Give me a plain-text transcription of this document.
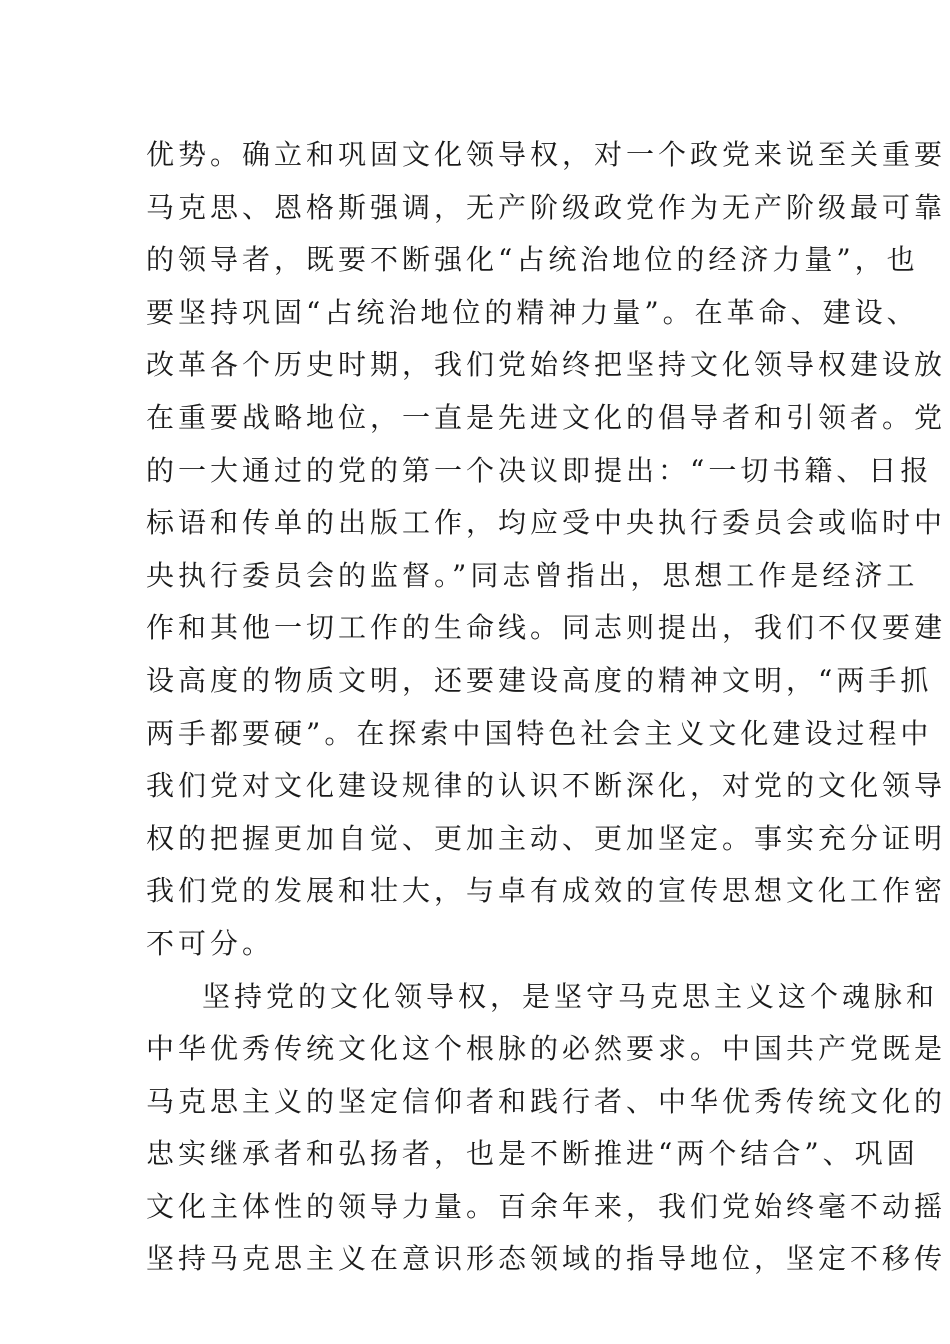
优势。确立和巩固文化领导权，对一个政党来说至关重要
马克思、恩格斯强调，无产阶级政党作为无产阶级最可靠
的领导者，既要不断强化“占统治地位的经济力量”，也
要坚持巩固“占统治地位的精神力量”。在革命、建设、
改革各个历史时期，我们党始终把坚持文化领导权建设放
在重要战略地位，一直是先进文化的倡导者和引领者。党
的一大通过的党的第一个决议即提出：“一切书籍、日报
标语和传单的出版工作，均应受中央执行委员会或临时中
央执行委员会的监督。”同志曾指出，思想工作是经济工
作和其他一切工作的生命线。同志则提出，我们不仅要建
设高度的物质文明，还要建设高度的精神文明，“两手抓
两手都要硬”。在探索中国特色社会主义文化建设过程中
我们党对文化建设规律的认识不断深化，对党的文化领导
权的把握更加自觉、更加主动、更加坚定。事实充分证明
我们党的发展和壮大，与卓有成效的宣传思想文化工作密
不可分。
坚持党的文化领导权，是坚守马克思主义这个魂脉和
中华优秀传统文化这个根脉的必然要求。中国共产党既是
马克思主义的坚定信仰者和践行者、中华优秀传统文化的
忠实继承者和弘扬者，也是不断推进“两个结合”、巩固
文化主体性的领导力量。百余年来，我们党始终毫不动摇
坚持马克思主义在意识形态领域的指导地位，坚定不移传
